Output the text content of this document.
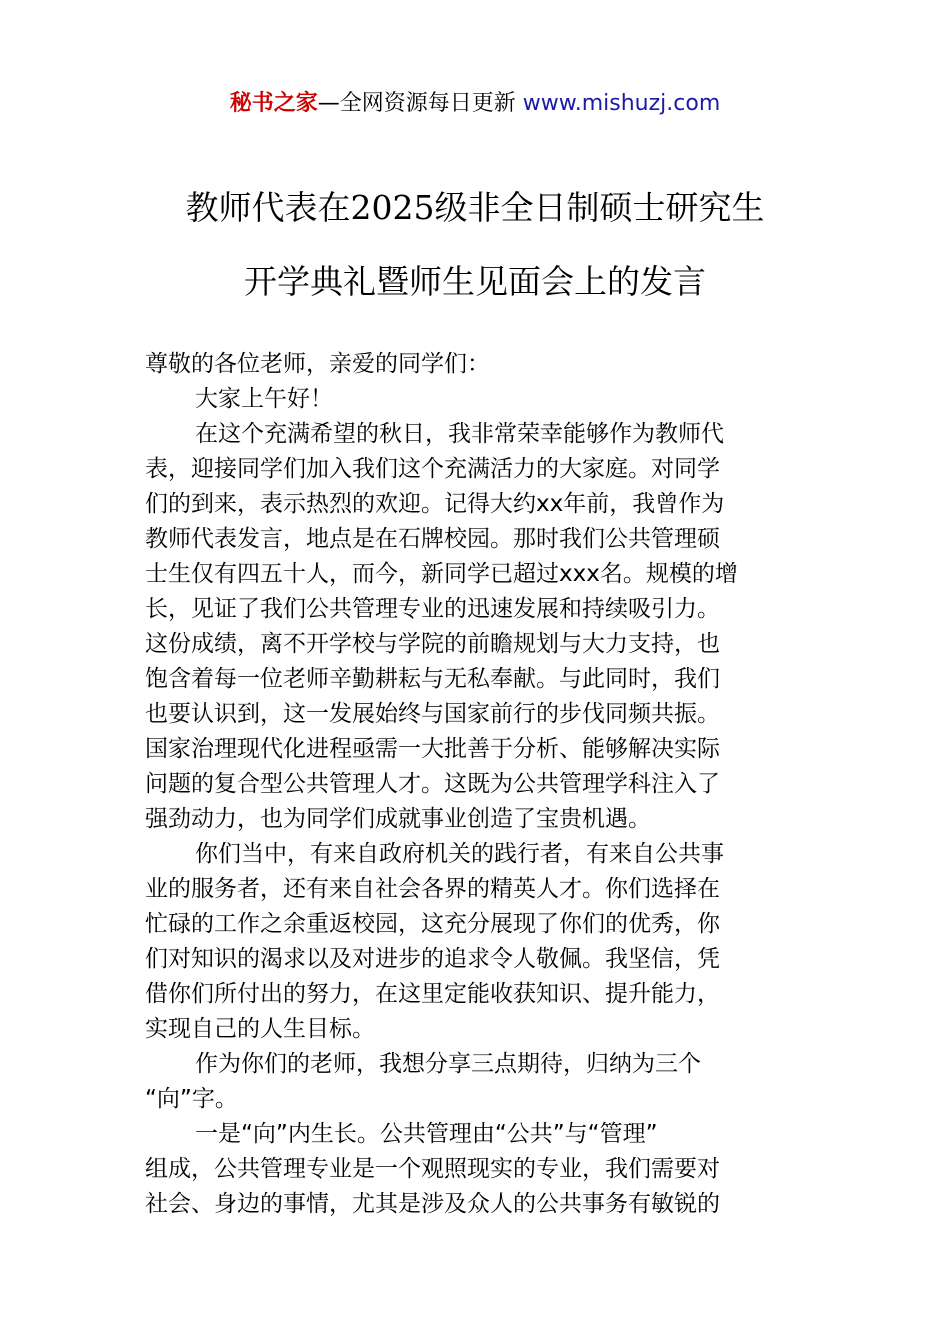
秘书之家—全网资源每日更新 www.mishuzj.com
教师代表在2025级非全日制硕士研究生
开学典礼暨师生见面会上的发言
尊敬的各位老师，亲爱的同学们：
大家上午好！
在这个充满希望的秋日，我非常荣幸能够作为教师代
表，迎接同学们加入我们这个充满活力的大家庭。对同学
们的到来，表示热烈的欢迎。记得大约xx年前，我曾作为
教师代表发言，地点是在石牌校园。那时我们公共管理硕
士生仅有四五十人，而今，新同学已超过xxx名。规模的增
长，见证了我们公共管理专业的迅速发展和持续吸引力。
这份成绩，离不开学校与学院的前瞻规划与大力支持，也
饱含着每一位老师辛勤耕耘与无私奉献。与此同时，我们
也要认识到，这一发展始终与国家前行的步伐同频共振。
国家治理现代化进程亟需一大批善于分析、能够解决实际
问题的复合型公共管理人才。这既为公共管理学科注入了
强劲动力，也为同学们成就事业创造了宝贵机遇。
你们当中，有来自政府机关的践行者，有来自公共事
业的服务者，还有来自社会各界的精英人才。你们选择在
忙碌的工作之余重返校园，这充分展现了你们的优秀，你
们对知识的渴求以及对进步的追求令人敬佩。我坚信，凭
借你们所付出的努力，在这里定能收获知识、提升能力，
实现自己的人生目标。
作为你们的老师，我想分享三点期待，归纳为三个
“向”字。
一是“向”内生长。公共管理由“公共”与“管理”
组成，公共管理专业是一个观照现实的专业，我们需要对
社会、身边的事情，尤其是涉及众人的公共事务有敏锐的
